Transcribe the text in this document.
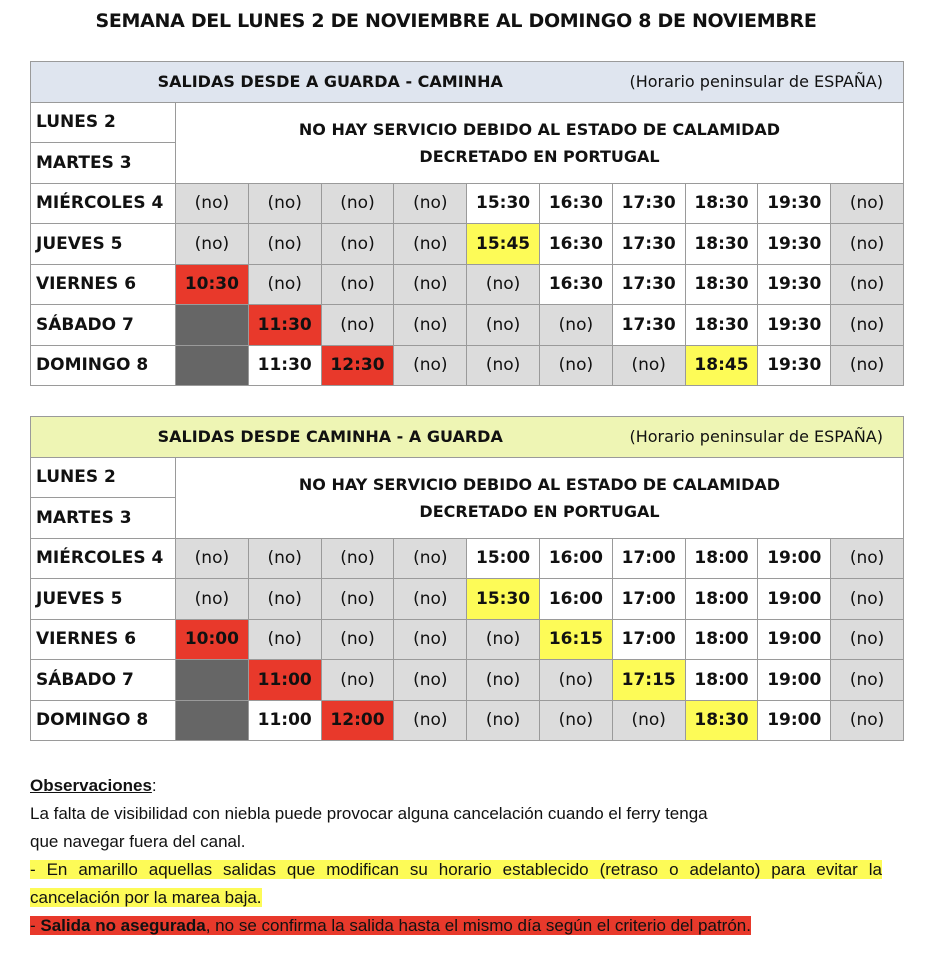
SEMANA DEL LUNES 2 DE NOVIEMBRE AL DOMINGO 8 DE NOVIEMBRE
SALIDAS DESDE A GUARDA - CAMINHA (Horario peninsular de ESPAÑA)										

LUNES 2	NO HAY SERVICIO DEBIDO AL ESTADO DE CALAMIDAD
DECRETADO EN PORTUGAL									

MARTES 3										
MIÉRCOLES 4	(no)	(no)	(no)	(no)	15:30	16:30	17:30	18:30	19:30	(no)
JUEVES 5	(no)	(no)	(no)	(no)	15:45	16:30	17:30	18:30	19:30	(no)
VIERNES 6	10:30	(no)	(no)	(no)	(no)	16:30	17:30	18:30	19:30	(no)
SÁBADO 7		11:30	(no)	(no)	(no)	(no)	17:30	18:30	19:30	(no)
DOMINGO 8		11:30	12:30	(no)	(no)	(no)	(no)	18:45	19:30	(no)
SALIDAS DESDE CAMINHA - A GUARDA (Horario peninsular de ESPAÑA)										

LUNES 2	NO HAY SERVICIO DEBIDO AL ESTADO DE CALAMIDAD
DECRETADO EN PORTUGAL									

MARTES 3										
MIÉRCOLES 4	(no)	(no)	(no)	(no)	15:00	16:00	17:00	18:00	19:00	(no)
JUEVES 5	(no)	(no)	(no)	(no)	15:30	16:00	17:00	18:00	19:00	(no)
VIERNES 6	10:00	(no)	(no)	(no)	(no)	16:15	17:00	18:00	19:00	(no)
SÁBADO 7		11:00	(no)	(no)	(no)	(no)	17:15	18:00	19:00	(no)
DOMINGO 8		11:00	12:00	(no)	(no)	(no)	(no)	18:30	19:00	(no)
Observaciones:
La falta de visibilidad con niebla puede provocar alguna cancelación cuando el ferry tenga
que navegar fuera del canal.
- En amarillo aquellas salidas que modifican su horario establecido (retraso o adelanto) para evitar la cancelación por la marea baja.
- Salida no asegurada, no se confirma la salida hasta el mismo día según el criterio del patrón.
